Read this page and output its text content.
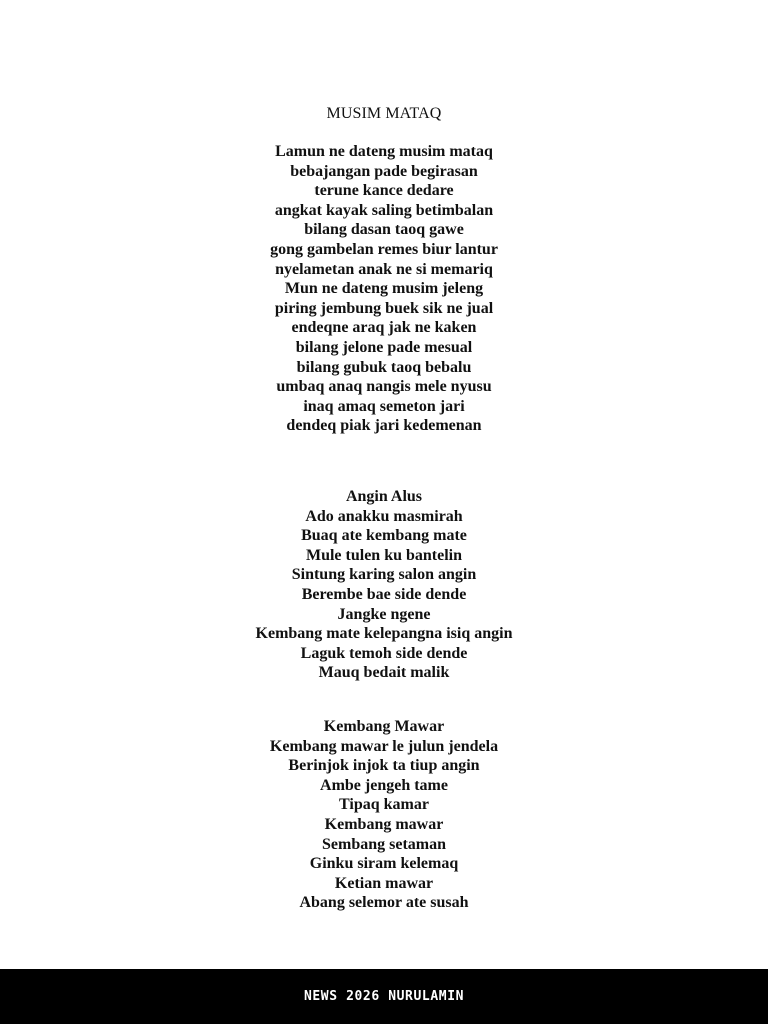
MUSIM MATAQ
Lamun ne dateng musim mataq
bebajangan pade begirasan
terune kance dedare
angkat kayak saling betimbalan
bilang dasan taoq gawe
gong gambelan remes biur lantur
nyelametan anak ne si memariq
Mun ne dateng musim jeleng
piring jembung buek sik ne jual
endeqne araq jak ne kaken
bilang jelone pade mesual
bilang gubuk taoq bebalu
umbaq anaq nangis mele nyusu
inaq amaq semeton jari
dendeq piak jari kedemenan
Angin Alus
Ado anakku masmirah
Buaq ate kembang mate
Mule tulen ku bantelin
Sintung karing salon angin
Berembe bae side dende
Jangke ngene
Kembang mate kelepangna isiq angin
Laguk temoh side dende
Mauq bedait malik
Kembang Mawar
Kembang mawar le julun jendela
Berinjok injok ta tiup angin
Ambe jengeh tame
Tipaq kamar
Kembang mawar
Sembang setaman
Ginku siram kelemaq
Ketian mawar
Abang selemor ate susah
NEWS 2026 NURULAMIN
